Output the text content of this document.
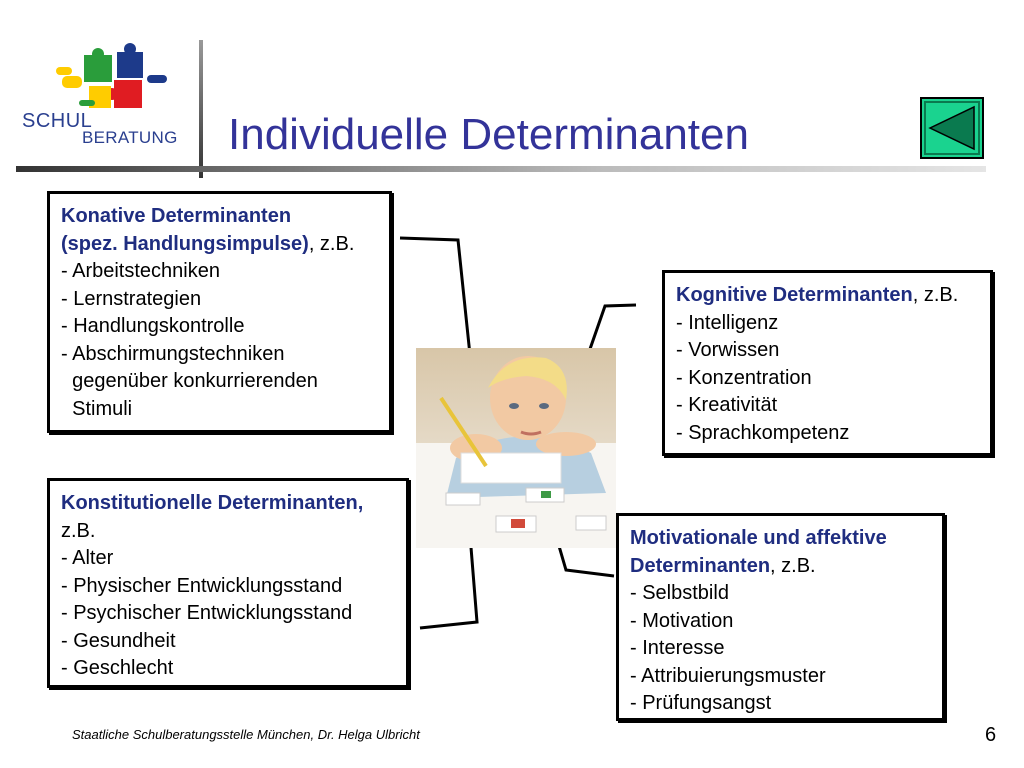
SCHUL
BERATUNG Individuelle Determinanten
Konative Determinanten
(spez. Handlungsimpulse), z.B.
- Arbeitstechniken
- Lernstrategien
- Handlungskontrolle
- Abschirmungstechniken
gegenüber konkurrierenden
Stimuli
Kognitive Determinanten, z.B.
- Intelligenz
- Vorwissen
- Konzentration
- Kreativität
- Sprachkompetenz
Konstitutionelle Determinanten,
z.B.
- Alter
- Physischer Entwicklungsstand
- Psychischer Entwicklungsstand
- Gesundheit
- Geschlecht
Motivationale und affektive
Determinanten, z.B.
- Selbstbild
- Motivation
- Interesse
- Attribuierungsmuster
- Prüfungsangst
Staatliche Schulberatungsstelle München, Dr. Helga Ulbricht	6
